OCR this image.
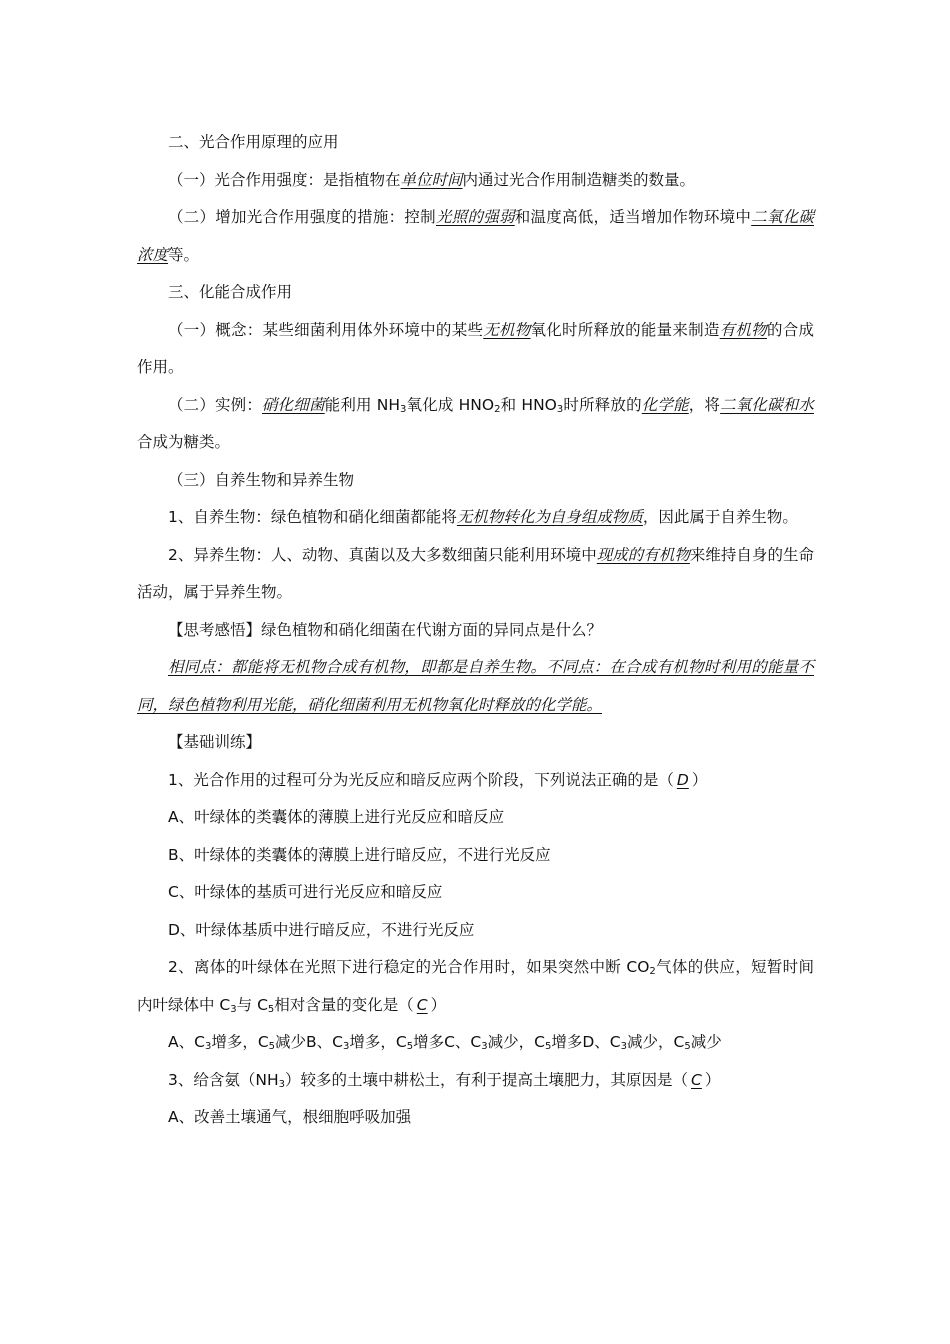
二、光合作用原理的应用

（一）光合作用强度：是指植物在单位时间内通过光合作用制造糖类的数量。

（二）增加光合作用强度的措施：控制光照的强弱和温度高低，适当增加作物环境中二氧化碳浓度等。

三、化能合成作用

（一）概念：某些细菌利用体外环境中的某些无机物氧化时所释放的能量来制造有机物的合成作用。

（二）实例：硝化细菌能利用 $NH_3$氧化成 $HNO_2$和 $HNO_3$时所释放的化学能，将二氧化碳和水合成为糖类。

（三）自养生物和异养生物

1、自养生物：绿色植物和硝化细菌都能将无机物转化为自身组成物质，因此属于自养生物。

2、异养生物：人、动物、真菌以及大多数细菌只能利用环境中现成的有机物来维持自身的生命活动，属于异养生物。

【思考感悟】绿色植物和硝化细菌在代谢方面的异同点是什么？

相同点：都能将无机物合成有机物，即都是自养生物。不同点：在合成有机物时利用的能量不同，绿色植物利用光能，硝化细菌利用无机物氧化时释放的化学能。

【基础训练】

1、光合作用的过程可分为光反应和暗反应两个阶段，下列说法正确的是（ D ）

A、叶绿体的类囊体的薄膜上进行光反应和暗反应

B、叶绿体的类囊体的薄膜上进行暗反应，不进行光反应

C、叶绿体的基质可进行光反应和暗反应

D、叶绿体基质中进行暗反应，不进行光反应

2、离体的叶绿体在光照下进行稳定的光合作用时，如果突然中断 $CO_2$气体的供应，短暂时间内叶绿体中 $C_3$与 $C_5$相对含量的变化是（ C ）

A、$C_3$增多，$C_5$减少B、$C_3$增多，$C_5$增多C、$C_3$减少，$C_5$增多D、$C_3$减少，$C_5$减少

3、给含氨$(NH_3)$较多的土壤中耕松土，有利于提高土壤肥力，其原因是（ C ）

A、改善土壤通气，根细胞呼吸加强
